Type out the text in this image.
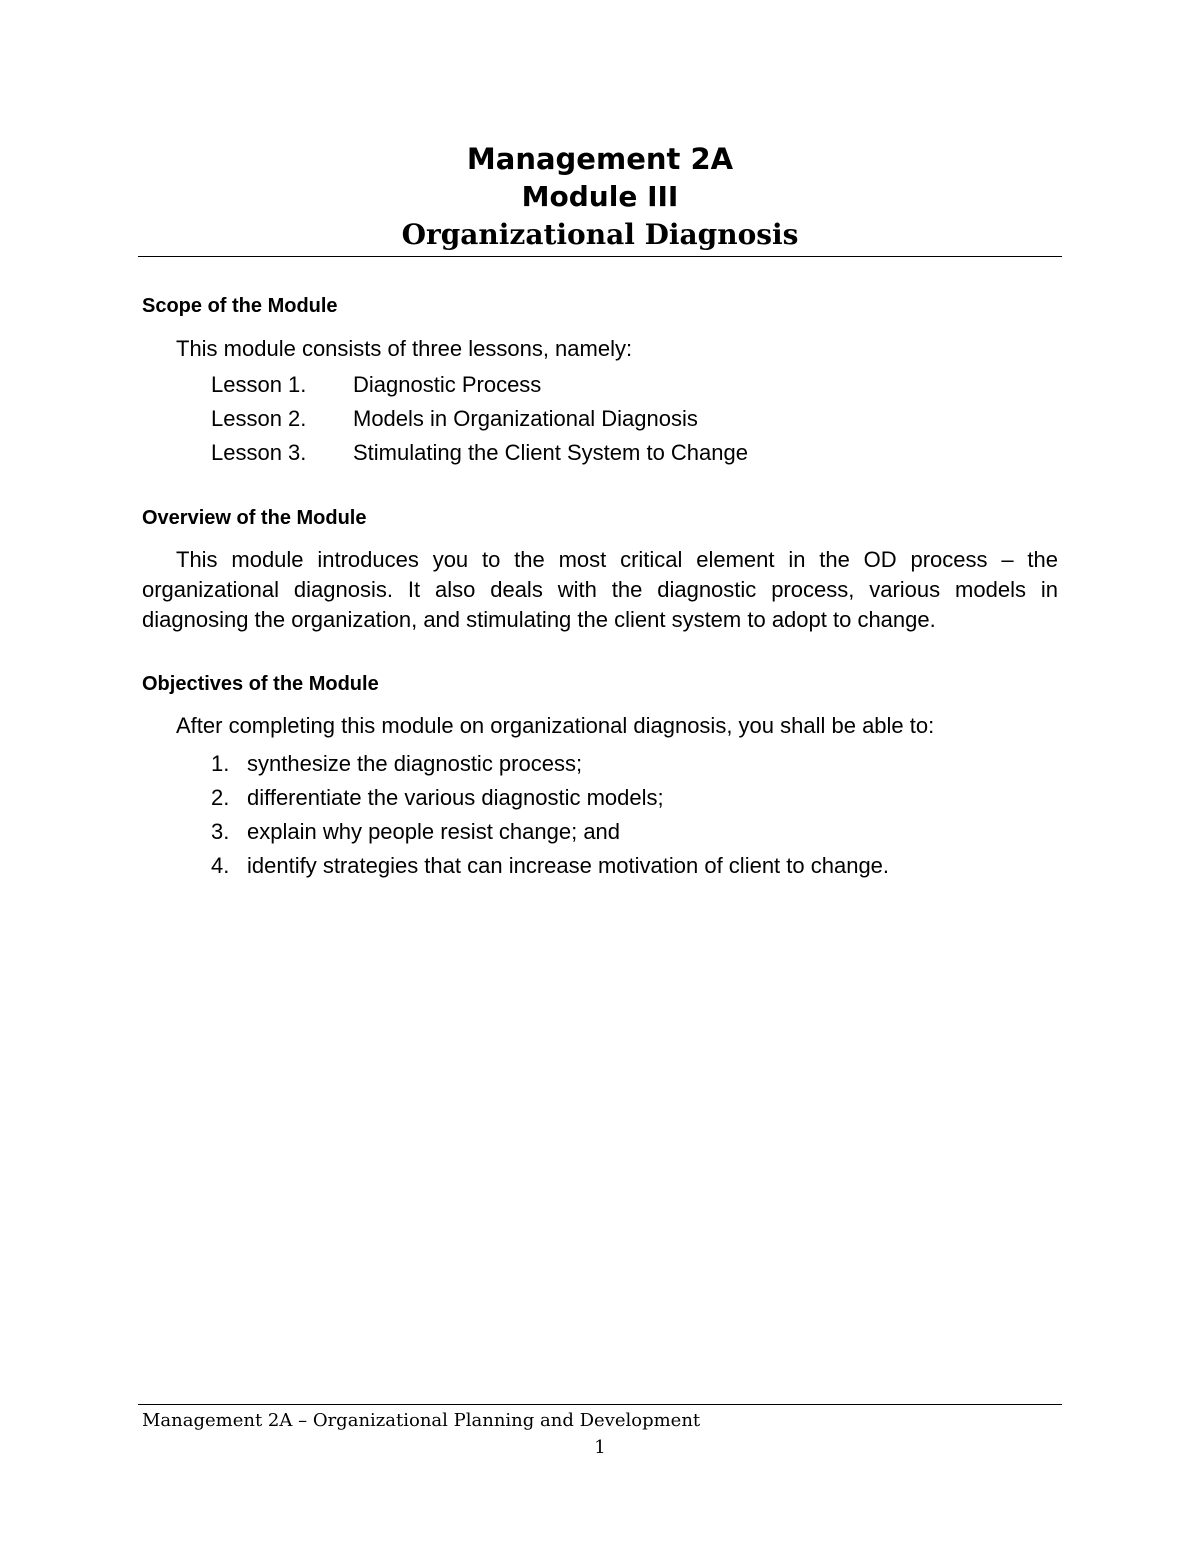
Management 2A
Module III
Organizational Diagnosis
Scope of the Module
This module consists of three lessons, namely:
Lesson 1. Diagnostic Process
Lesson 2. Models in Organizational Diagnosis
Lesson 3. Stimulating the Client System to Change
Overview of the Module
This module introduces you to the most critical element in the OD process – the organizational diagnosis. It also deals with the diagnostic process, various models in diagnosing the organization, and stimulating the client system to adopt to change.
Objectives of the Module
After completing this module on organizational diagnosis, you shall be able to:
1. synthesize the diagnostic process;
2. differentiate the various diagnostic models;
3. explain why people resist change; and
4. identify strategies that can increase motivation of client to change.
Management 2A – Organizational Planning and Development
1
